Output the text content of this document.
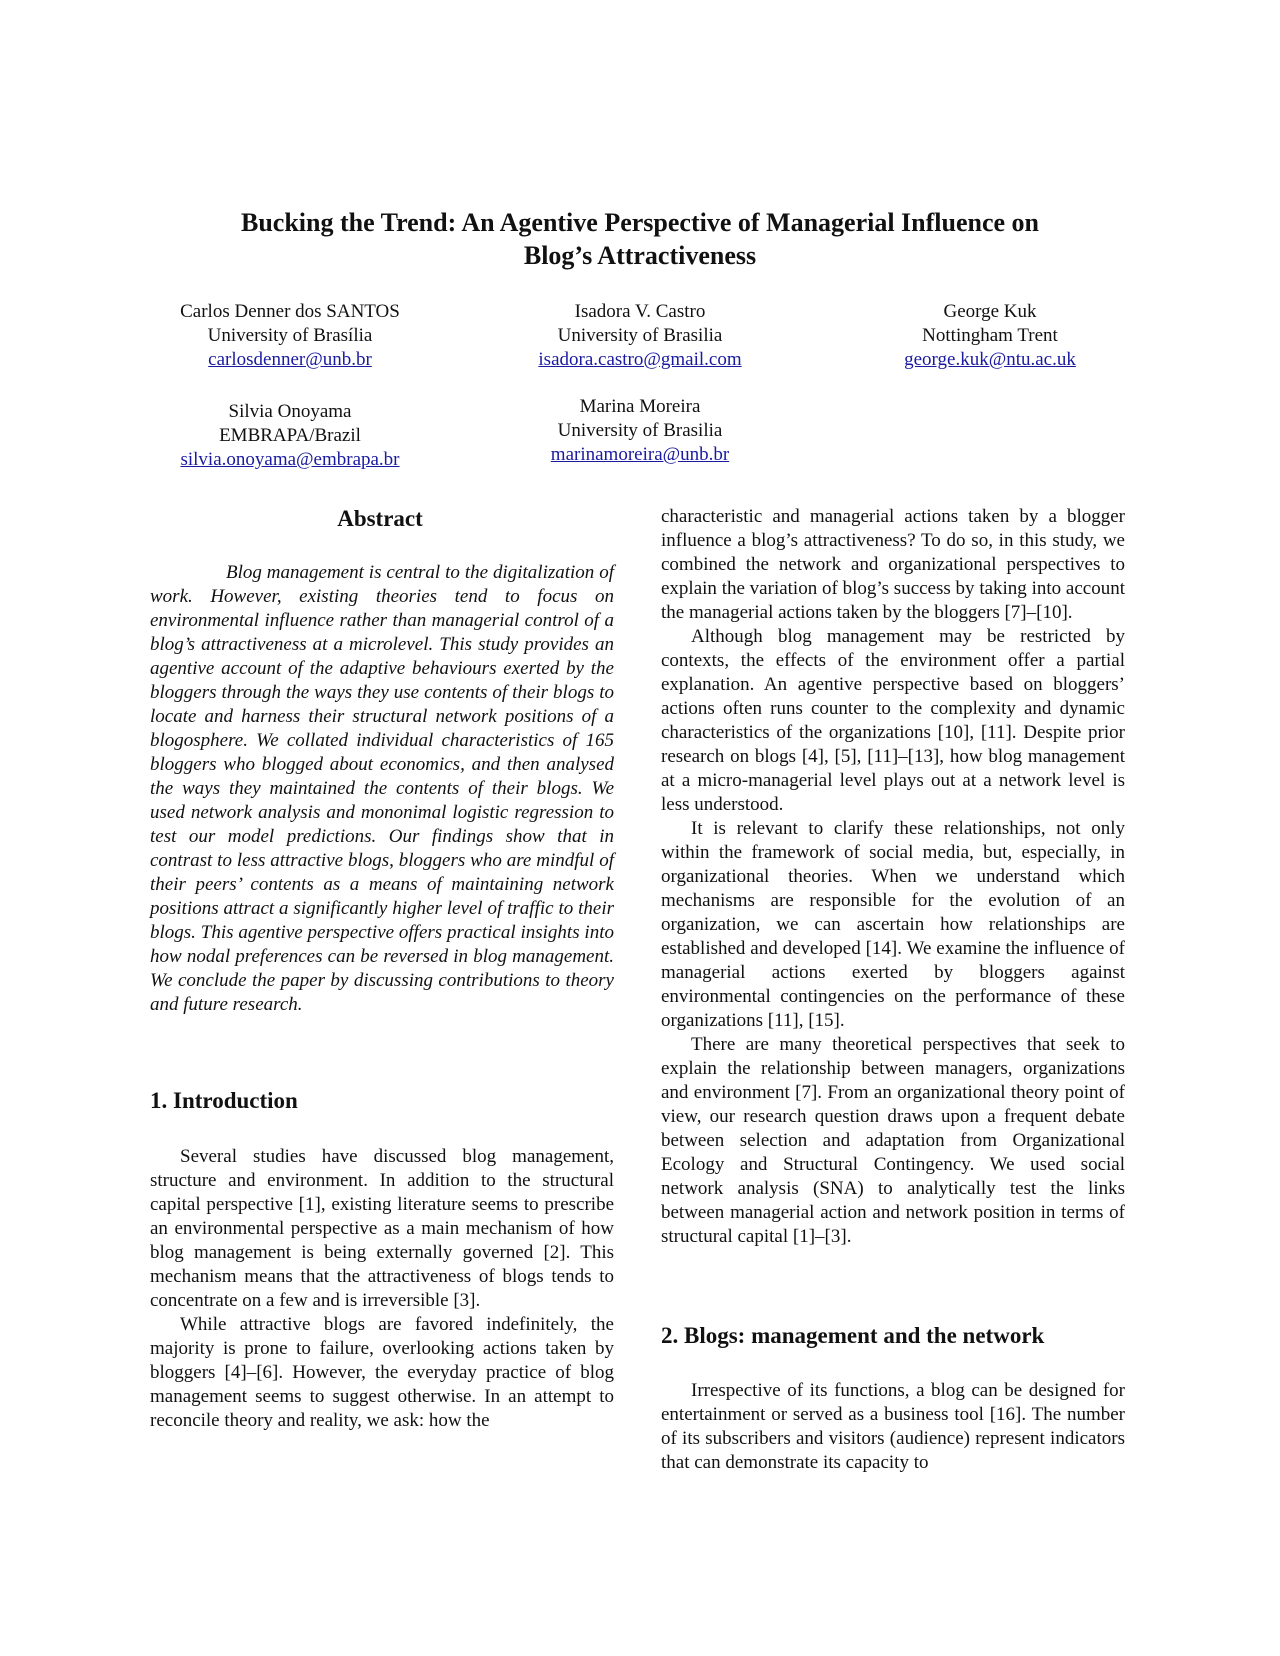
Bucking the Trend: An Agentive Perspective of Managerial Influence on
Blog’s Attractiveness
Carlos Denner dos SANTOS
University of Brasília
carlosdenner@unb.br
Isadora V. Castro
University of Brasilia
isadora.castro@gmail.com
George Kuk
Nottingham Trent
george.kuk@ntu.ac.uk
Silvia Onoyama
EMBRAPA/Brazil
silvia.onoyama@embrapa.br
Marina Moreira
University of Brasilia
marinamoreira@unb.br
Abstract

Blog management is central to the digitalization of work. However, existing theories tend to focus on environmental influence rather than managerial control of a blog’s attractiveness at a microlevel. This study provides an agentive account of the adaptive behaviours exerted by the bloggers through the ways they use contents of their blogs to locate and harness their structural network positions of a blogosphere. We collated individual characteristics of 165 bloggers who blogged about economics, and then analysed the ways they maintained the contents of their blogs. We used network analysis and mononimal logistic regression to test our model predictions. Our findings show that in contrast to less attractive blogs, bloggers who are mindful of their peers’ contents as a means of maintaining network positions attract a significantly higher level of traffic to their blogs. This agentive perspective offers practical insights into how nodal preferences can be reversed in blog management. We conclude the paper by discussing contributions to theory and future research.

1. Introduction

Several studies have discussed blog management, structure and environment. In addition to the structural capital perspective [1], existing literature seems to prescribe an environmental perspective as a main mechanism of how blog management is being externally governed [2]. This mechanism means that the attractiveness of blogs tends to concentrate on a few and is irreversible [3].

While attractive blogs are favored indefinitely, the majority is prone to failure, overlooking actions taken by bloggers [4]–[6]. However, the everyday practice of blog management seems to suggest otherwise. In an attempt to reconcile theory and reality, we ask: how the

characteristic and managerial actions taken by a blogger influence a blog’s attractiveness? To do so, in this study, we combined the network and organizational perspectives to explain the variation of blog’s success by taking into account the managerial actions taken by the bloggers [7]–[10].

Although blog management may be restricted by contexts, the effects of the environment offer a partial explanation. An agentive perspective based on bloggers’ actions often runs counter to the complexity and dynamic characteristics of the organizations [10], [11]. Despite prior research on blogs [4], [5], [11]–[13], how blog management at a micro-managerial level plays out at a network level is less understood.

It is relevant to clarify these relationships, not only within the framework of social media, but, especially, in organizational theories. When we understand which mechanisms are responsible for the evolution of an organization, we can ascertain how relationships are established and developed [14]. We examine the influence of managerial actions exerted by bloggers against environmental contingencies on the performance of these organizations [11], [15].

There are many theoretical perspectives that seek to explain the relationship between managers, organizations and environment [7]. From an organizational theory point of view, our research question draws upon a frequent debate between selection and adaptation from Organizational Ecology and Structural Contingency. We used social network analysis (SNA) to analytically test the links between managerial action and network position in terms of structural capital [1]–[3].

2. Blogs: management and the network

Irrespective of its functions, a blog can be designed for entertainment or served as a business tool [16]. The number of its subscribers and visitors (audience) represent indicators that can demonstrate its capacity to
